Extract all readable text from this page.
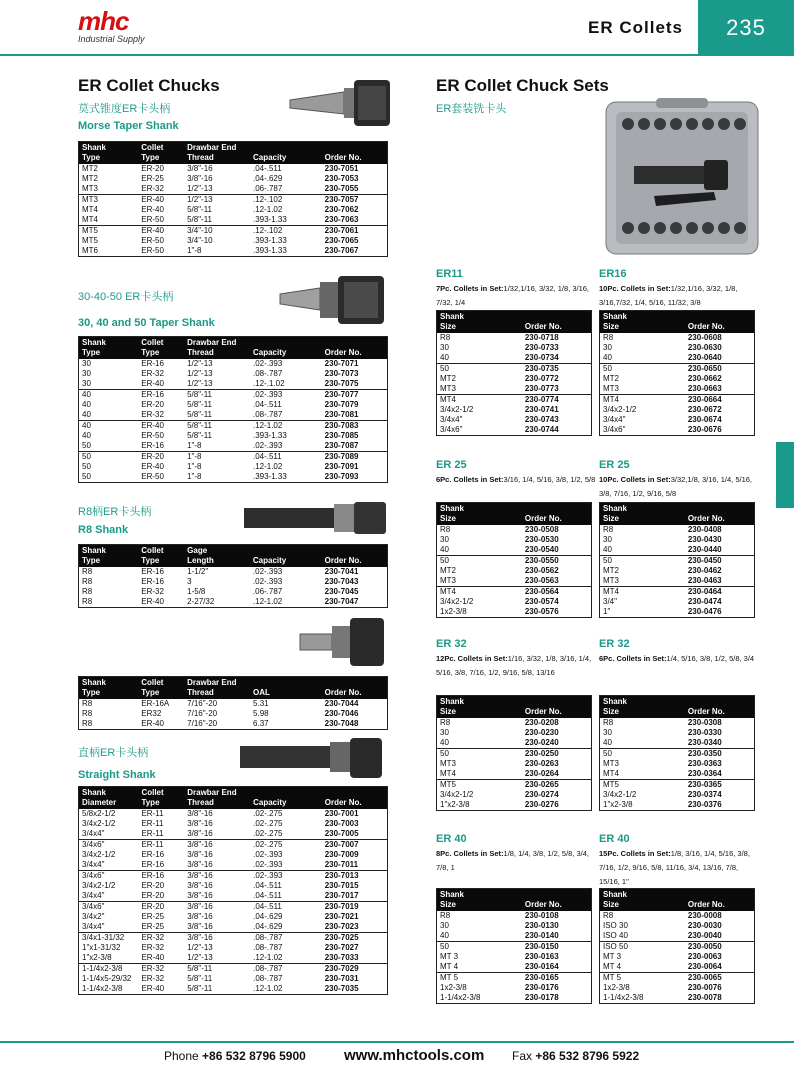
mhc
Industrial Supply
ER Collets	235
ER Collet Chucks
莫式锥度ER卡头柄
Morse Taper Shank
Shank	Collet	Drawbar End		
Type	Type	Thread	Capacity	Order No.
MT2	ER-20	3/8"-16	.04-.511	230-7051
MT2	ER-25	3/8"-16	.04-.629	230-7053
MT3	ER-32	1/2"-13	.06-.787	230-7055
MT3	ER-40	1/2"-13	.12-.102	230-7057
MT4	ER-40	5/8"-11	.12-1.02	230-7062
MT4	ER-50	5/8"-11	.393-1.33	230-7063
MT5	ER-40	3/4"-10	.12-.102	230-7061
MT5	ER-50	3/4"-10	.393-1.33	230-7065
MT6	ER-50	1"-8	.393-1.33	230-7067
30-40-50 ER卡头柄
30, 40 and 50 Taper Shank
Shank	Collet	Drawbar End		
Type	Type	Thread	Capacity	Order No.
30	ER-16	1/2"-13	.02-.393	230-7071
30	ER-32	1/2"-13	.08-.787	230-7073
30	ER-40	1/2"-13	.12-.1.02	230-7075
40	ER-16	5/8"-11	.02-.393	230-7077
40	ER-20	5/8"-11	.04-.511	230-7079
40	ER-32	5/8"-11	.08-.787	230-7081
40	ER-40	5/8"-11	.12-1.02	230-7083
40	ER-50	5/8"-11	.393-1.33	230-7085
50	ER-16	1"-8	.02-.393	230-7087
50	ER-20	1"-8	.04-.511	230-7089
50	ER-40	1"-8	.12-1.02	230-7091
50	ER-50	1"-8	.393-1.33	230-7093
R8柄ER卡头柄
R8 Shank
Shank	Collet	Gage		
Type	Type	Length	Capacity	Order No.
R8	ER-16	1-1/2"	.02-.393	230-7041
R8	ER-16	3	.02-.393	230-7043
R8	ER-32	1-5/8	.06-.787	230-7045
R8	ER-40	2-27/32	.12-1.02	230-7047
Shank	Collet	Drawbar End		
Type	Type	Thread	OAL	Order No.
R8	ER-16A	7/16"-20	5.31	230-7044
R8	ER32	7/16"-20	5.98	230-7046
R8	ER-40	7/16"-20	6.37	230-7048
直柄ER卡头柄
Straight Shank
Shank	Collet	Drawbar End		
Diameter	Type	Thread	Capacity	Order No.
5/8x2-1/2	ER-11	3/8"-16	.02-.275	230-7001
3/4x2-1/2	ER-11	3/8"-16	.02-.275	230-7003
3/4x4"	ER-11	3/8"-16	.02-.275	230-7005
3/4x6"	ER-11	3/8"-16	.02-.275	230-7007
3/4x2-1/2	ER-16	3/8"-16	.02-.393	230-7009
3/4x4"	ER-16	3/8"-16	.02-.393	230-7011
3/4x6"	ER-16	3/8"-16	.02-.393	230-7013
3/4x2-1/2	ER-20	3/8"-16	.04-.511	230-7015
3/4x4"	ER-20	3/8"-16	.04-.511	230-7017
3/4x6"	ER-20	3/8"-16	.04-.511	230-7019
3/4x2"	ER-25	3/8"-16	.04-.629	230-7021
3/4x4"	ER-25	3/8"-16	.04-.629	230-7023
3/4x1-31/32	ER-32	3/8"-16	.08-.787	230-7025
1"x1-31/32	ER-32	1/2"-13	.08-.787	230-7027
1"x2-3/8	ER-40	1/2"-13	.12-1.02	230-7033
1-1/4x2-3/8	ER-32	5/8"-11	.08-.787	230-7029
1-1/4x5-29/32	ER-32	5/8"-11	.08-.787	230-7031
1-1/4x2-3/8	ER-40	5/8"-11	.12-1.02	230-7035
ER Collet Chuck Sets
ER套装铣卡头
ER11
7Pc. Collets in Set:1/32,1/16, 3/32, 1/8, 3/16, 7/32, 1/4
Shank	
Size	Order No.
R8	230-0718
30	230-0733
40	230-0734
50	230-0735
MT2	230-0772
MT3	230-0773
MT4	230-0774
3/4x2-1/2	230-0741
3/4x4"	230-0743
3/4x6"	230-0744
ER16
10Pc. Collets in Set:1/32,1/16, 3/32, 1/8, 3/16,7/32, 1/4, 5/16, 11/32, 3/8
Shank	
Size	Order No.
R8	230-0608
30	230-0630
40	230-0640
50	230-0650
MT2	230-0662
MT3	230-0663
MT4	230-0664
3/4x2-1/2	230-0672
3/4x4"	230-0674
3/4x6"	230-0676
ER 25
6Pc. Collets in Set:3/16, 1/4, 5/16, 3/8, 1/2, 5/8
Shank	
Size	Order No.
R8	230-0508
30	230-0530
40	230-0540
50	230-0550
MT2	230-0562
MT3	230-0563
MT4	230-0564
3/4x2-1/2	230-0574
1x2-3/8	230-0576
ER 25
10Pc. Collets in Set:3/32,1/8, 3/16, 1/4, 5/16, 3/8, 7/16, 1/2, 9/16, 5/8
Shank	
Size	Order No.
R8	230-0408
30	230-0430
40	230-0440
50	230-0450
MT2	230-0462
MT3	230-0463
MT4	230-0464
3/4"	230-0474
1"	230-0476
ER 32
12Pc. Collets in Set:1/16, 3/32, 1/8, 3/16, 1/4, 5/16, 3/8, 7/16, 1/2, 9/16, 5/8, 13/16
Shank	
Size	Order No.
R8	230-0208
30	230-0230
40	230-0240
50	230-0250
MT3	230-0263
MT4	230-0264
MT5	230-0265
3/4x2-1/2	230-0274
1"x2-3/8	230-0276
ER 32
6Pc. Collets in Set:1/4, 5/16, 3/8, 1/2, 5/8, 3/4
Shank	
Size	Order No.
R8	230-0308
30	230-0330
40	230-0340
50	230-0350
MT3	230-0363
MT4	230-0364
MT5	230-0365
3/4x2-1/2	230-0374
1"x2-3/8	230-0376
ER 40
8Pc. Collets in Set:1/8, 1/4, 3/8, 1/2, 5/8, 3/4, 7/8, 1
Shank	
Size	Order No.
R8	230-0108
30	230-0130
40	230-0140
50	230-0150
MT 3	230-0163
MT 4	230-0164
MT 5	230-0165
1x2-3/8	230-0176
1-1/4x2-3/8	230-0178
ER 40
15Pc. Collets in Set:1/8, 3/16, 1/4, 5/16, 3/8, 7/16, 1/2, 9/16, 5/8, 11/16, 3/4, 13/16, 7/8, 15/16, 1"
Shank	
Size	Order No.
R8	230-0008
ISO 30	230-0030
ISO 40	230-0040
ISO 50	230-0050
MT 3	230-0063
MT 4	230-0064
MT 5	230-0065
1x2-3/8	230-0076
1-1/4x2-3/8	230-0078
Phone +86 532 8796 5900	www.mhctools.com Fax +86 532 8796 5922
